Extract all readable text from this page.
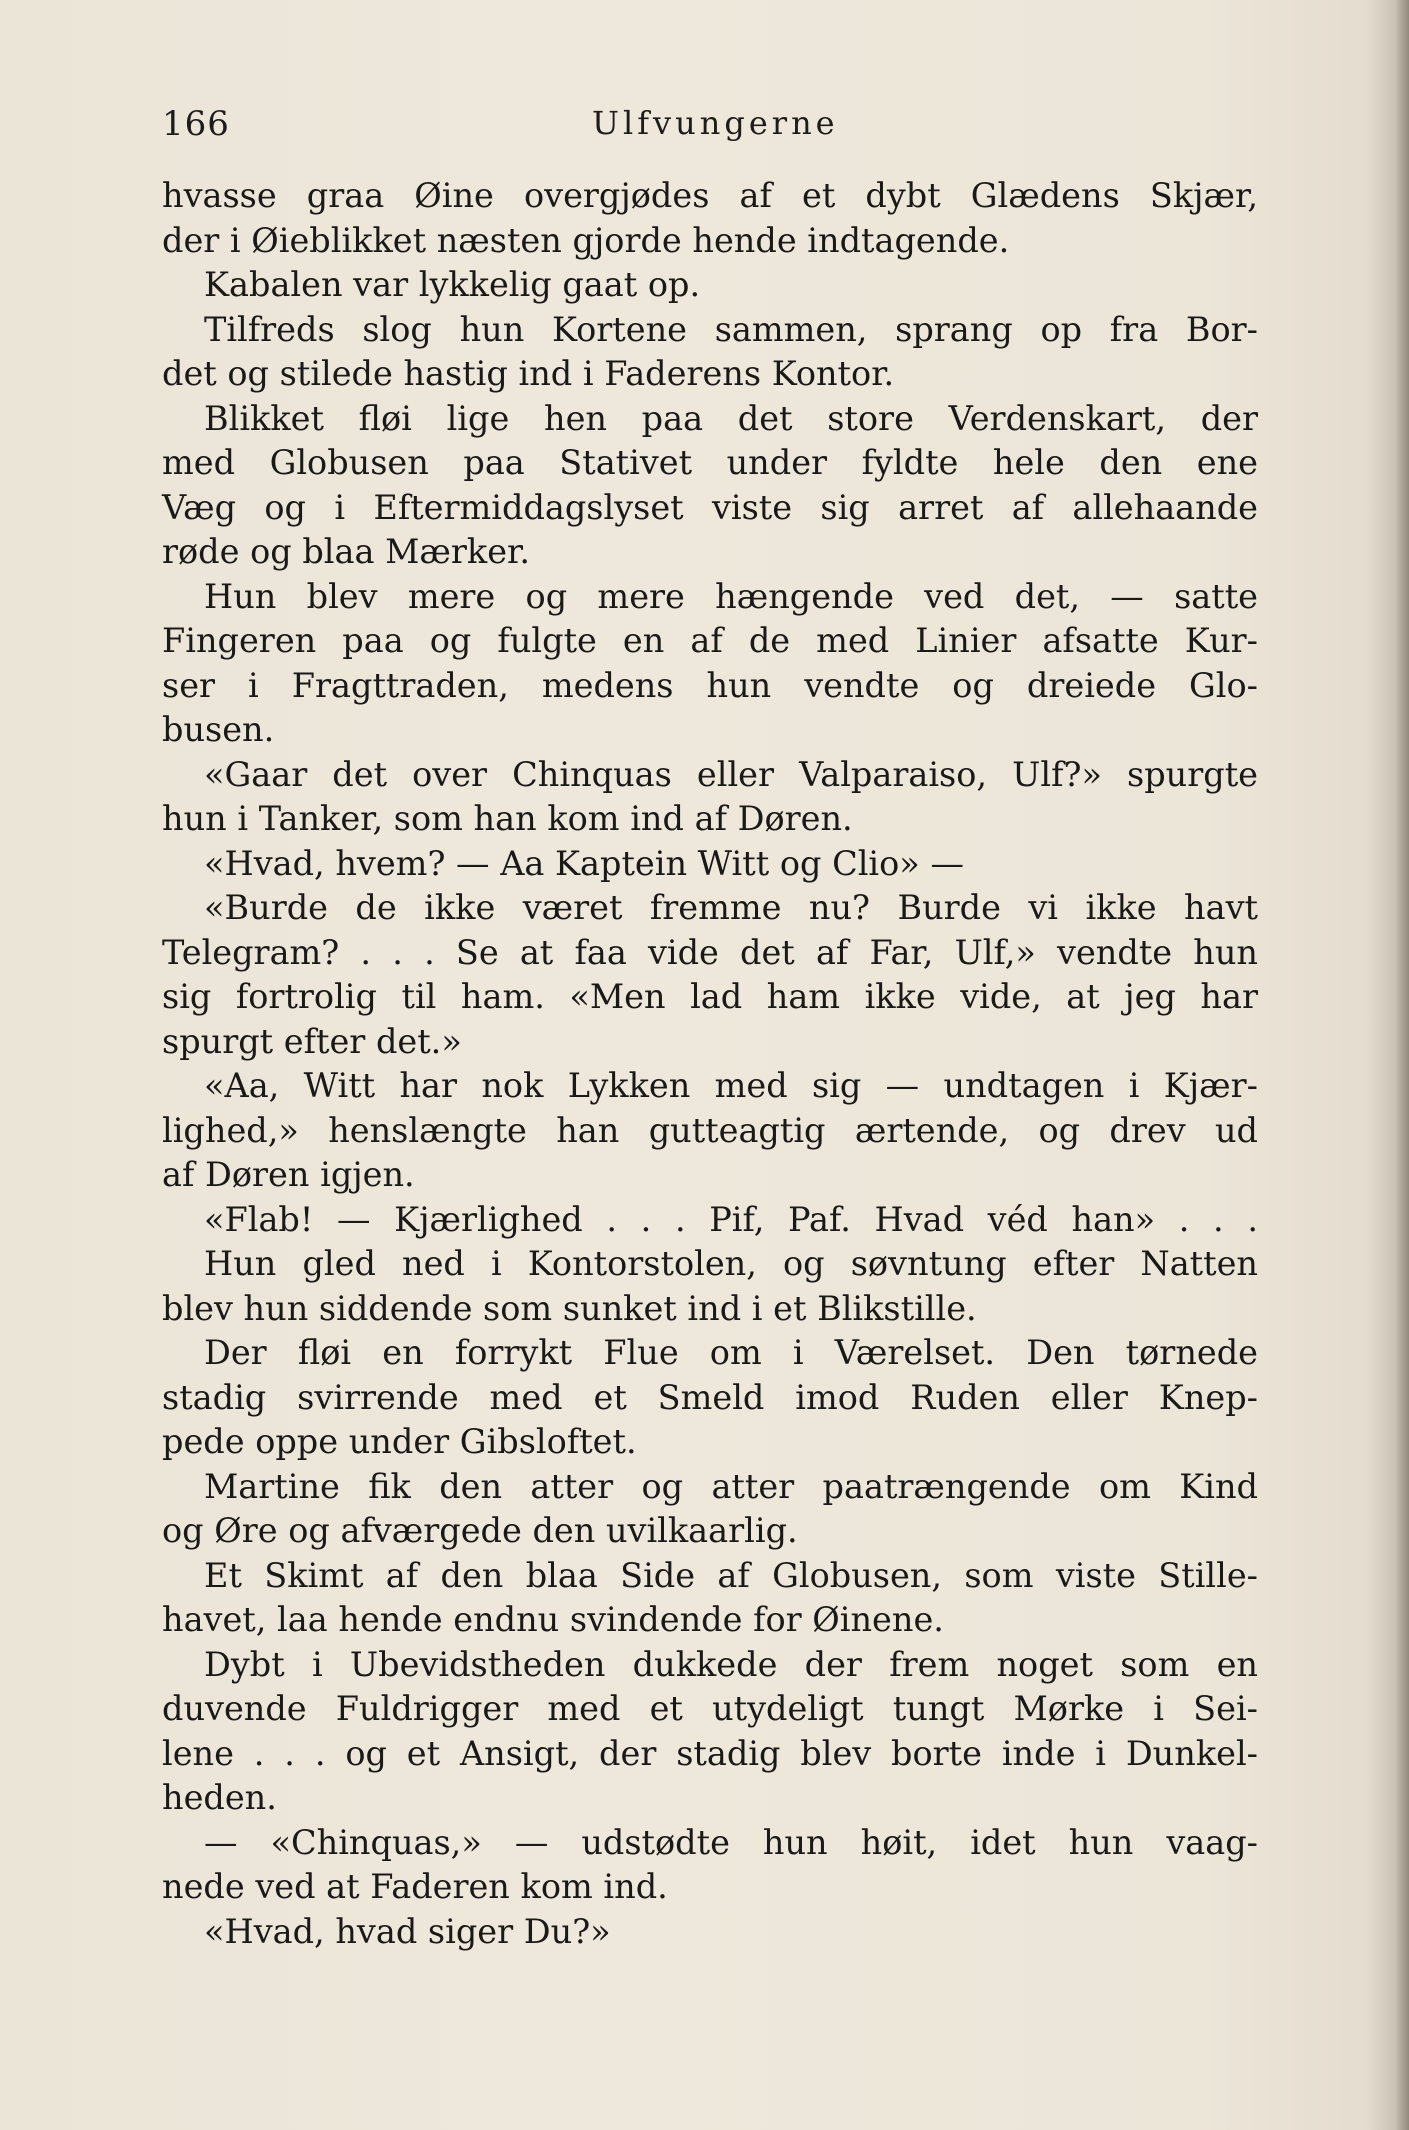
166	Ulfvungerne
hvasse graa Øine overgjødes af et dybt Glædens Skjær,
der i Øieblikket næsten gjorde hende indtagende.
Kabalen var lykkelig gaat op.
Tilfreds slog hun Kortene sammen, sprang op fra Bor-
det og stilede hastig ind i Faderens Kontor.
Blikket fløi lige hen paa det store Verdenskart, der
med Globusen paa Stativet under fyldte hele den ene
Væg og i Eftermiddagslyset viste sig arret af allehaande
røde og blaa Mærker.
Hun blev mere og mere hængende ved det, — satte
Fingeren paa og fulgte en af de med Linier afsatte Kur-
ser i Fragttraden, medens hun vendte og dreiede Glo-
busen.
«Gaar det over Chinquas eller Valparaiso, Ulf?» spurgte
hun i Tanker, som han kom ind af Døren.
«Hvad, hvem? — Aa Kaptein Witt og Clio» —
«Burde de ikke været fremme nu? Burde vi ikke havt
Telegram? . . . Se at faa vide det af Far, Ulf,» vendte hun
sig fortrolig til ham. «Men lad ham ikke vide, at jeg har
spurgt efter det.»
«Aa, Witt har nok Lykken med sig — undtagen i Kjær-
lighed,» henslængte han gutteagtig ærtende, og drev ud
af Døren igjen.
«Flab! — Kjærlighed . . . Pif, Paf. Hvad véd han» . . .
Hun gled ned i Kontorstolen, og søvntung efter Natten
blev hun siddende som sunket ind i et Blikstille.
Der fløi en forrykt Flue om i Værelset. Den tørnede
stadig svirrende med et Smeld imod Ruden eller Knep-
pede oppe under Gibsloftet.
Martine fik den atter og atter paatrængende om Kind
og Øre og afværgede den uvilkaarlig.
Et Skimt af den blaa Side af Globusen, som viste Stille-
havet, laa hende endnu svindende for Øinene.
Dybt i Ubevidstheden dukkede der frem noget som en
duvende Fuldrigger med et utydeligt tungt Mørke i Sei-
lene . . . og et Ansigt, der stadig blev borte inde i Dunkel-
heden.
— «Chinquas,» — udstødte hun høit, idet hun vaag-
nede ved at Faderen kom ind.
«Hvad, hvad siger Du?»
